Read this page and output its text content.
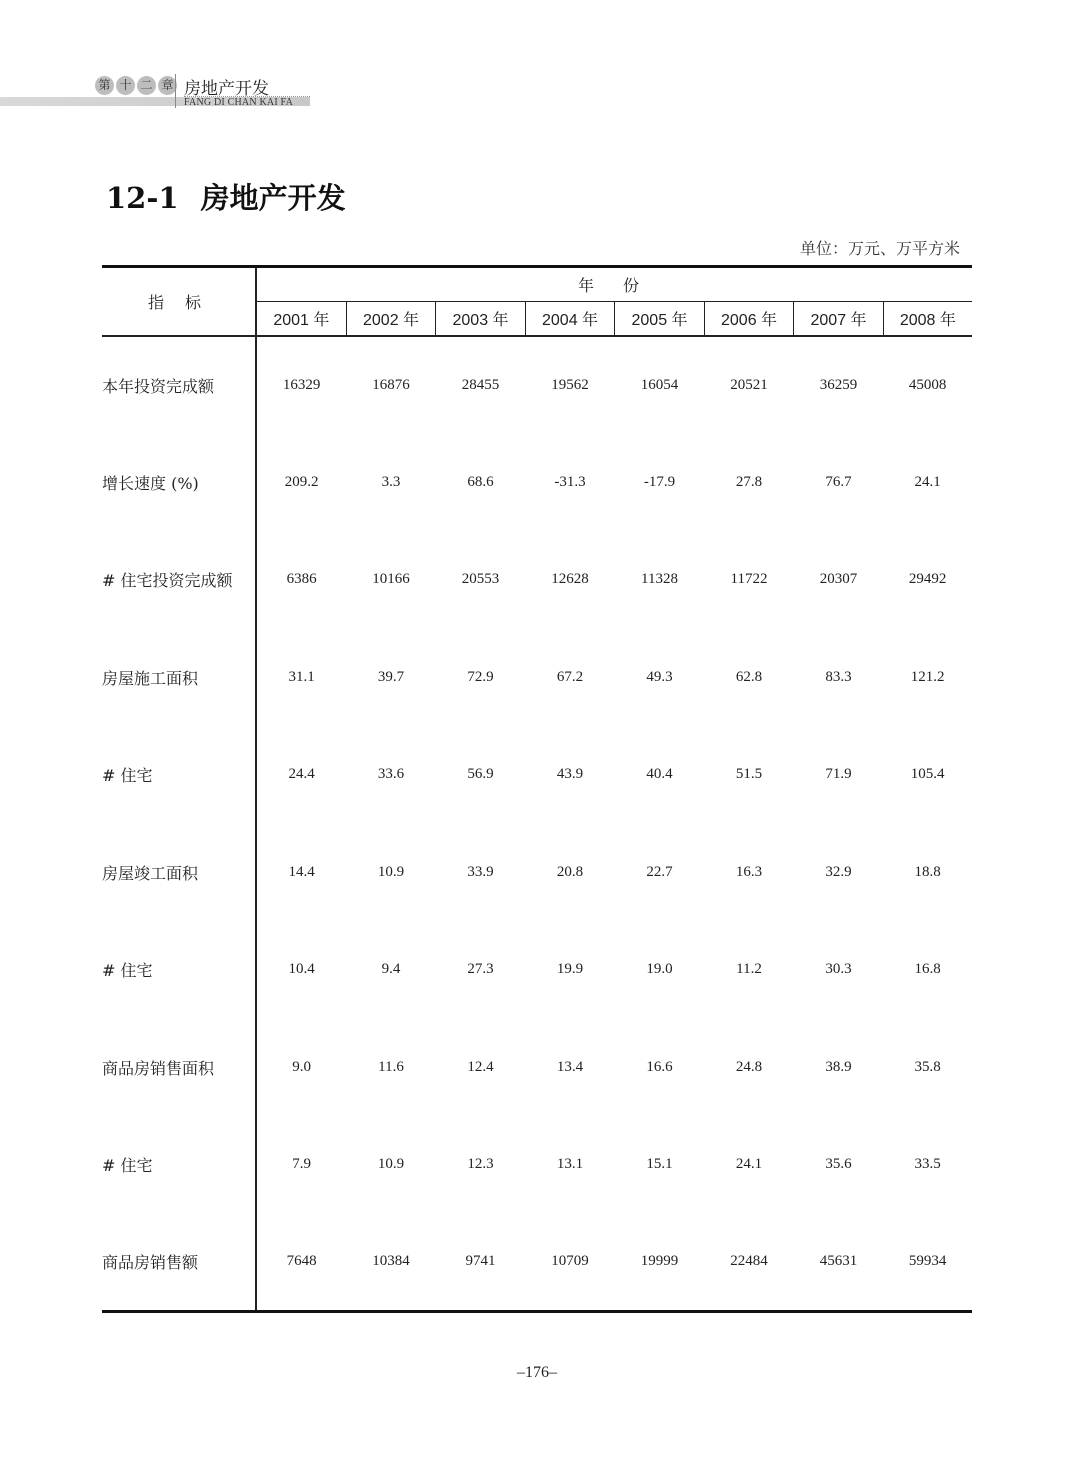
第 十 二 章 房地产开发
FANG DI CHAN KAI FA
12-1 房地产开发
单位：万元、万平方米
指 标	年 份							
	2001 年	2002 年	2003 年	2004 年	2005 年	2006 年	2007 年	2008 年
本年投资完成额	16329	16876	28455	19562	16054	20521	36259	45008
增长速度 (%)	209.2	3.3	68.6	-31.3	-17.9	27.8	76.7	24.1
# 住宅投资完成额	6386	10166	20553	12628	11328	11722	20307	29492
房屋施工面积	31.1	39.7	72.9	67.2	49.3	62.8	83.3	121.2
# 住宅	24.4	33.6	56.9	43.9	40.4	51.5	71.9	105.4
房屋竣工面积	14.4	10.9	33.9	20.8	22.7	16.3	32.9	18.8
# 住宅	10.4	9.4	27.3	19.9	19.0	11.2	30.3	16.8
商品房销售面积	9.0	11.6	12.4	13.4	16.6	24.8	38.9	35.8
# 住宅	7.9	10.9	12.3	13.1	15.1	24.1	35.6	33.5
商品房销售额	7648	10384	9741	10709	19999	22484	45631	59934
–176–
